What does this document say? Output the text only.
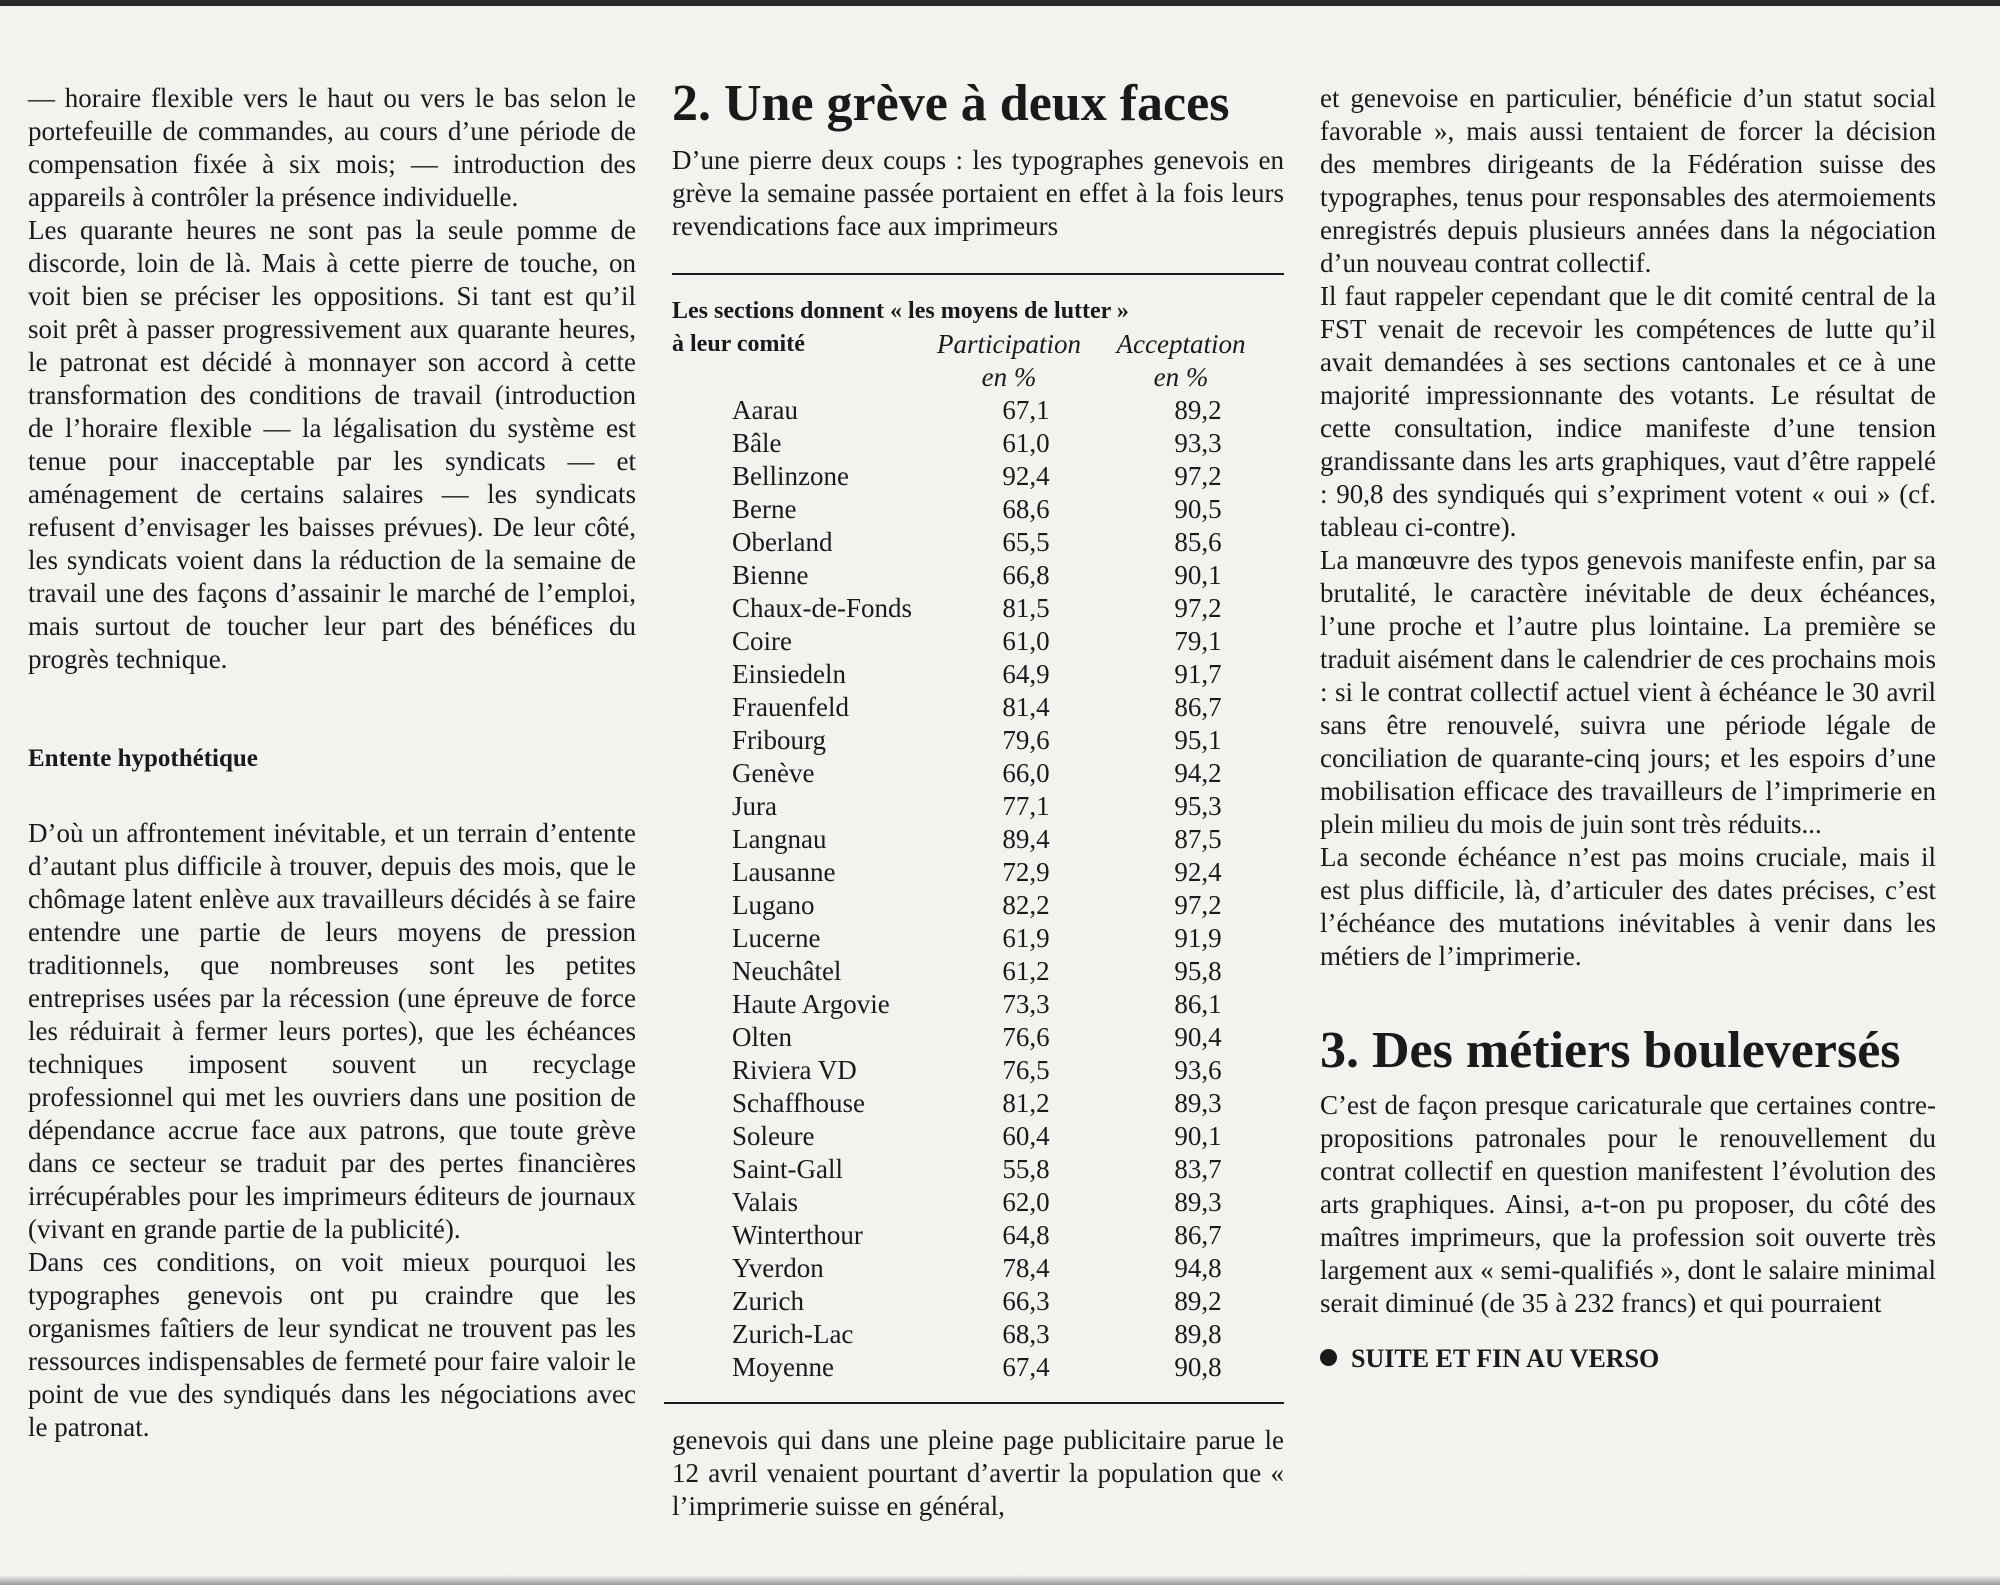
— horaire flexible vers le haut ou vers le bas selon le portefeuille de commandes, au cours d’une période de compensation fixée à six mois; — introduction des appareils à contrôler la présence individuelle.

Les quarante heures ne sont pas la seule pomme de discorde, loin de là. Mais à cette pierre de touche, on voit bien se préciser les oppositions. Si tant est qu’il soit prêt à passer progressivement aux quarante heures, le patronat est décidé à monnayer son accord à cette transformation des conditions de travail (introduction de l’horaire flexible — la légalisation du système est tenue pour inacceptable par les syndicats — et aménagement de certains salaires — les syndicats refusent d’envisager les baisses prévues). De leur côté, les syndicats voient dans la réduction de la semaine de travail une des façons d’assainir le marché de l’emploi, mais surtout de toucher leur part des bénéfices du progrès technique.

Entente hypothétique

D’où un affrontement inévitable, et un terrain d’entente d’autant plus difficile à trouver, depuis des mois, que le chômage latent enlève aux travailleurs décidés à se faire entendre une partie de leurs moyens de pression traditionnels, que nombreuses sont les petites entreprises usées par la récession (une épreuve de force les réduirait à fermer leurs portes), que les échéances techniques imposent souvent un recyclage professionnel qui met les ouvriers dans une position de dépendance accrue face aux patrons, que toute grève dans ce secteur se traduit par des pertes financières irrécupérables pour les imprimeurs éditeurs de journaux (vivant en grande partie de la publicité).

Dans ces conditions, on voit mieux pourquoi les typographes genevois ont pu craindre que les organismes faîtiers de leur syndicat ne trouvent pas les ressources indispensables de fermeté pour faire valoir le point de vue des syndiqués dans les négociations avec le patronat.

2. Une grève à deux faces

D’une pierre deux coups : les typographes genevois en grève la semaine passée portaient en effet à la fois leurs revendications face aux imprimeurs

Les sections donnent « les moyens de lutter »

à leur comité	Participation
en %
Acceptation
en %
Aarau	67,1	89,2
Bâle	61,0	93,3
Bellinzone	92,4	97,2
Berne	68,6	90,5
Oberland	65,5	85,6
Bienne	66,8	90,1
Chaux-de-Fonds	81,5	97,2
Coire	61,0	79,1
Einsiedeln	64,9	91,7
Frauenfeld	81,4	86,7
Fribourg	79,6	95,1
Genève	66,0	94,2
Jura	77,1	95,3
Langnau	89,4	87,5
Lausanne	72,9	92,4
Lugano	82,2	97,2
Lucerne	61,9	91,9
Neuchâtel	61,2	95,8
Haute Argovie	73,3	86,1
Olten	76,6	90,4
Riviera VD	76,5	93,6
Schaffhouse	81,2	89,3
Soleure	60,4	90,1
Saint-Gall	55,8	83,7
Valais	62,0	89,3
Winterthour	64,8	86,7
Yverdon	78,4	94,8
Zurich	66,3	89,2
Zurich-Lac	68,3	89,8
Moyenne	67,4	90,8

genevois qui dans une pleine page publicitaire parue le 12 avril venaient pourtant d’avertir la population que « l’imprimerie suisse en général,

et genevoise en particulier, bénéficie d’un statut social favorable », mais aussi tentaient de forcer la décision des membres dirigeants de la Fédération suisse des typographes, tenus pour responsables des atermoiements enregistrés depuis plusieurs années dans la négociation d’un nouveau contrat collectif.

Il faut rappeler cependant que le dit comité central de la FST venait de recevoir les compétences de lutte qu’il avait demandées à ses sections cantonales et ce à une majorité impressionnante des votants. Le résultat de cette consultation, indice manifeste d’une tension grandissante dans les arts graphiques, vaut d’être rappelé : 90,8 des syndiqués qui s’expriment votent « oui » (cf. tableau ci-contre).

La manœuvre des typos genevois manifeste enfin, par sa brutalité, le caractère inévitable de deux échéances, l’une proche et l’autre plus lointaine. La première se traduit aisément dans le calendrier de ces prochains mois : si le contrat collectif actuel vient à échéance le 30 avril sans être renouvelé, suivra une période légale de conciliation de quarante-cinq jours; et les espoirs d’une mobilisation efficace des travailleurs de l’imprimerie en plein milieu du mois de juin sont très réduits...

La seconde échéance n’est pas moins cruciale, mais il est plus difficile, là, d’articuler des dates précises, c’est l’échéance des mutations inévitables à venir dans les métiers de l’imprimerie.

3. Des métiers bouleversés

C’est de façon presque caricaturale que certaines contre-propositions patronales pour le renouvellement du contrat collectif en question manifestent l’évolution des arts graphiques. Ainsi, a-t-on pu proposer, du côté des maîtres imprimeurs, que la profession soit ouverte très largement aux « semi-qualifiés », dont le salaire minimal serait diminué (de 35 à 232 francs) et qui pourraient

SUITE ET FIN AU VERSO
